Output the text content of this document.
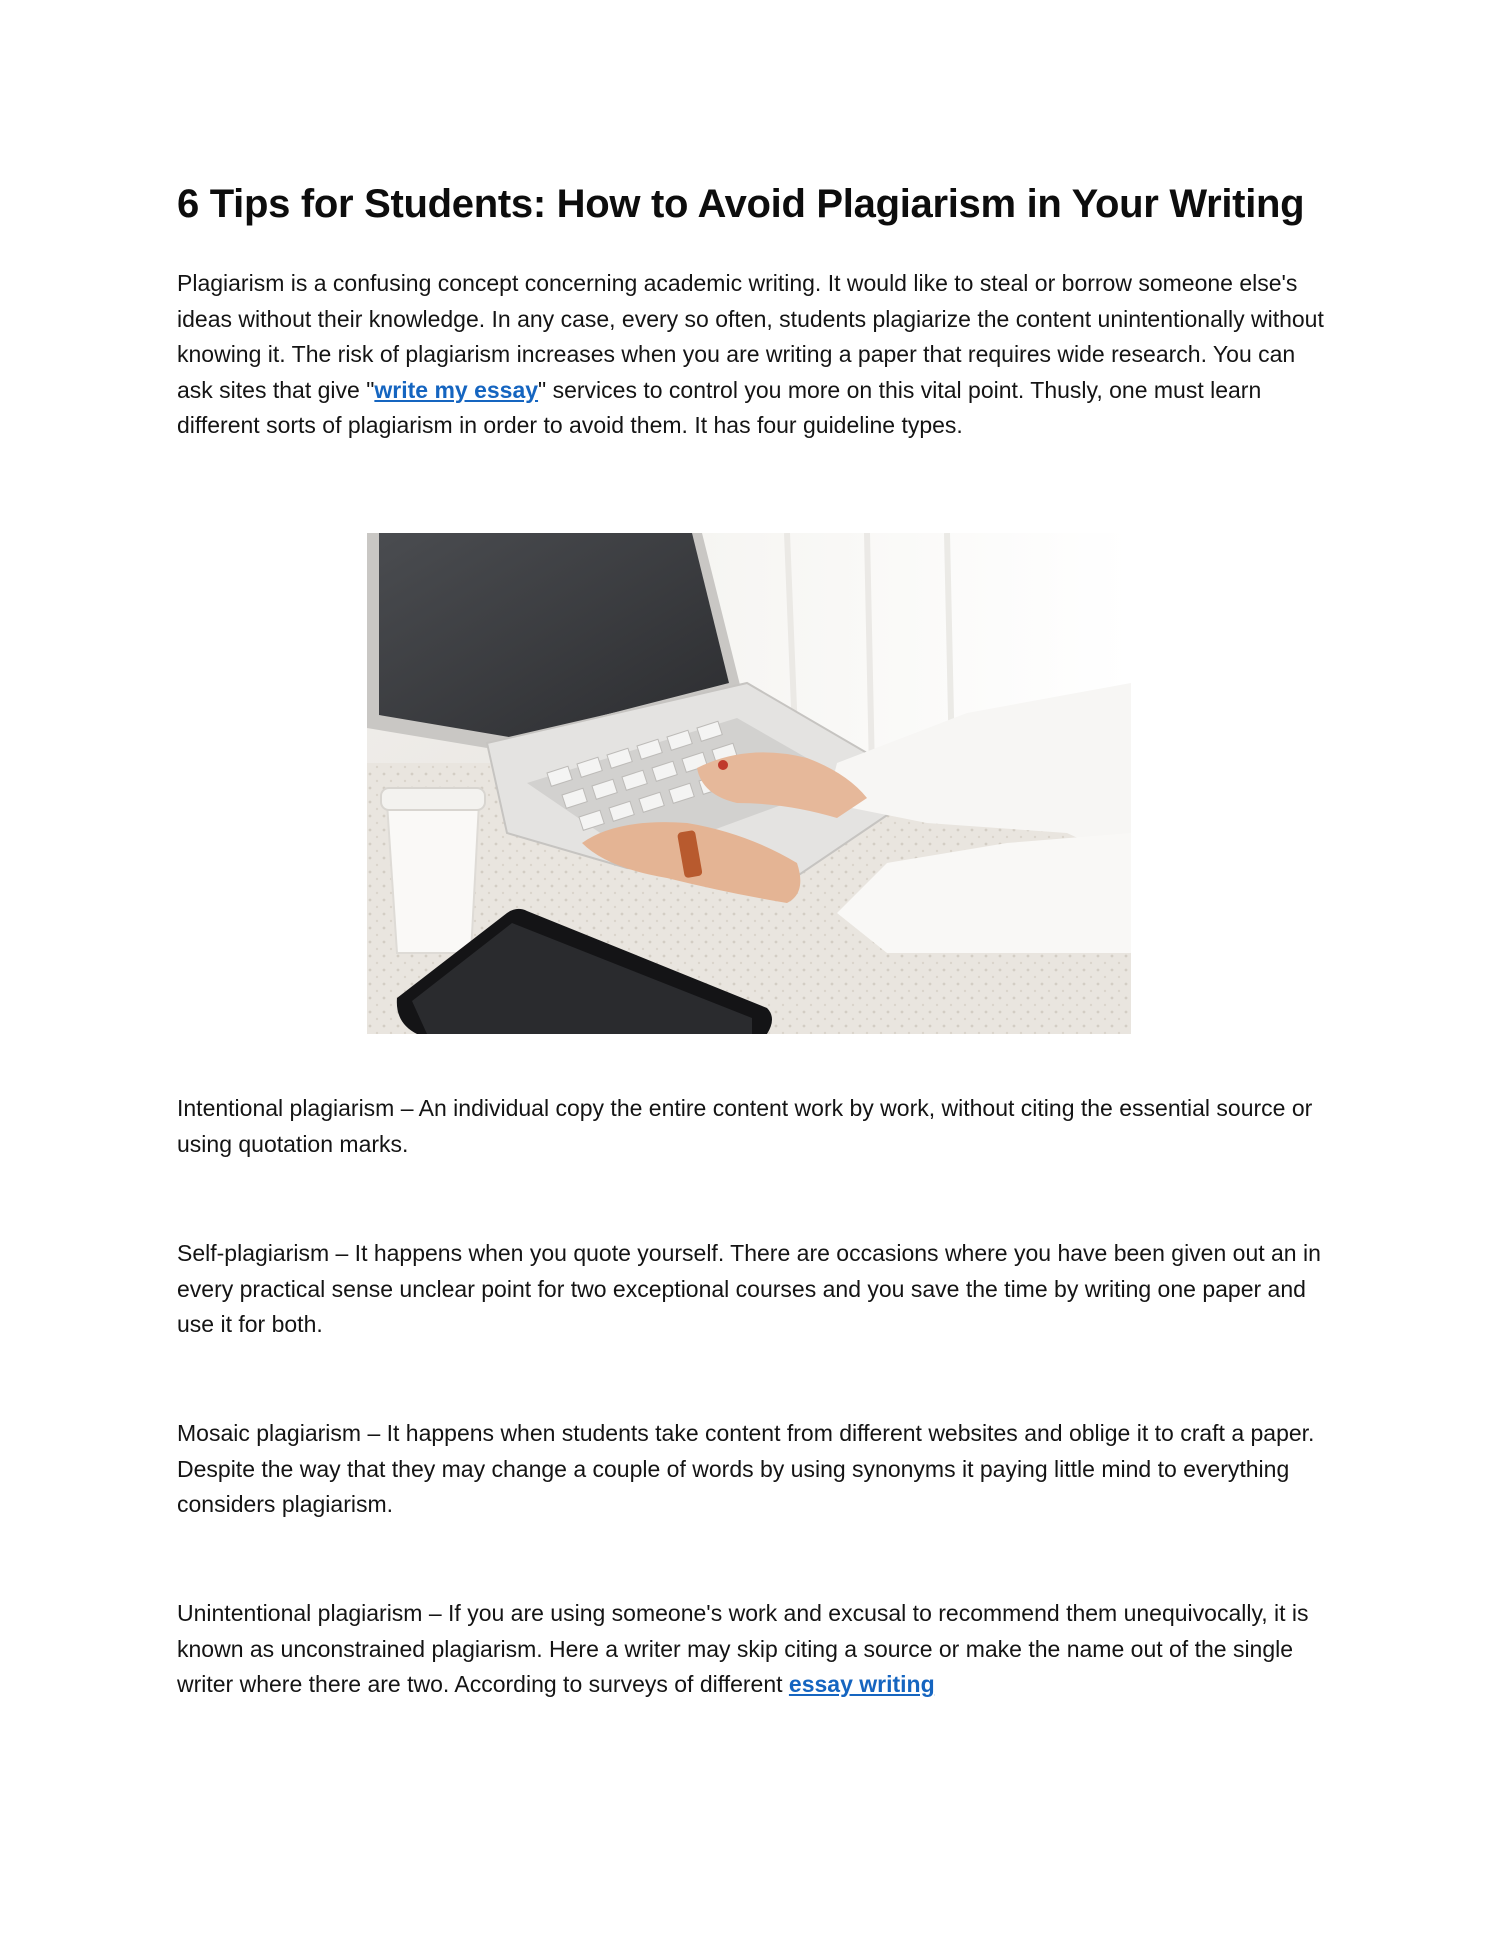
6 Tips for Students: How to Avoid Plagiarism in Your Writing

Plagiarism is a confusing concept concerning academic writing. It would like to steal or borrow someone else's ideas without their knowledge. In any case, every so often, students plagiarize the content unintentionally without knowing it. The risk of plagiarism increases when you are writing a paper that requires wide research. You can ask sites that give "write my essay" services to control you more on this vital point. Thusly, one must learn different sorts of plagiarism in order to avoid them. It has four guideline types.

Intentional plagiarism – An individual copy the entire content work by work, without citing the essential source or using quotation marks.

Self-plagiarism – It happens when you quote yourself. There are occasions where you have been given out an in every practical sense unclear point for two exceptional courses and you save the time by writing one paper and use it for both.

Mosaic plagiarism – It happens when students take content from different websites and oblige it to craft a paper. Despite the way that they may change a couple of words by using synonyms it paying little mind to everything considers plagiarism.

Unintentional plagiarism – If you are using someone's work and excusal to recommend them unequivocally, it is known as unconstrained plagiarism. Here a writer may skip citing a source or make the name out of the single writer where there are two. According to surveys of different essay writing
